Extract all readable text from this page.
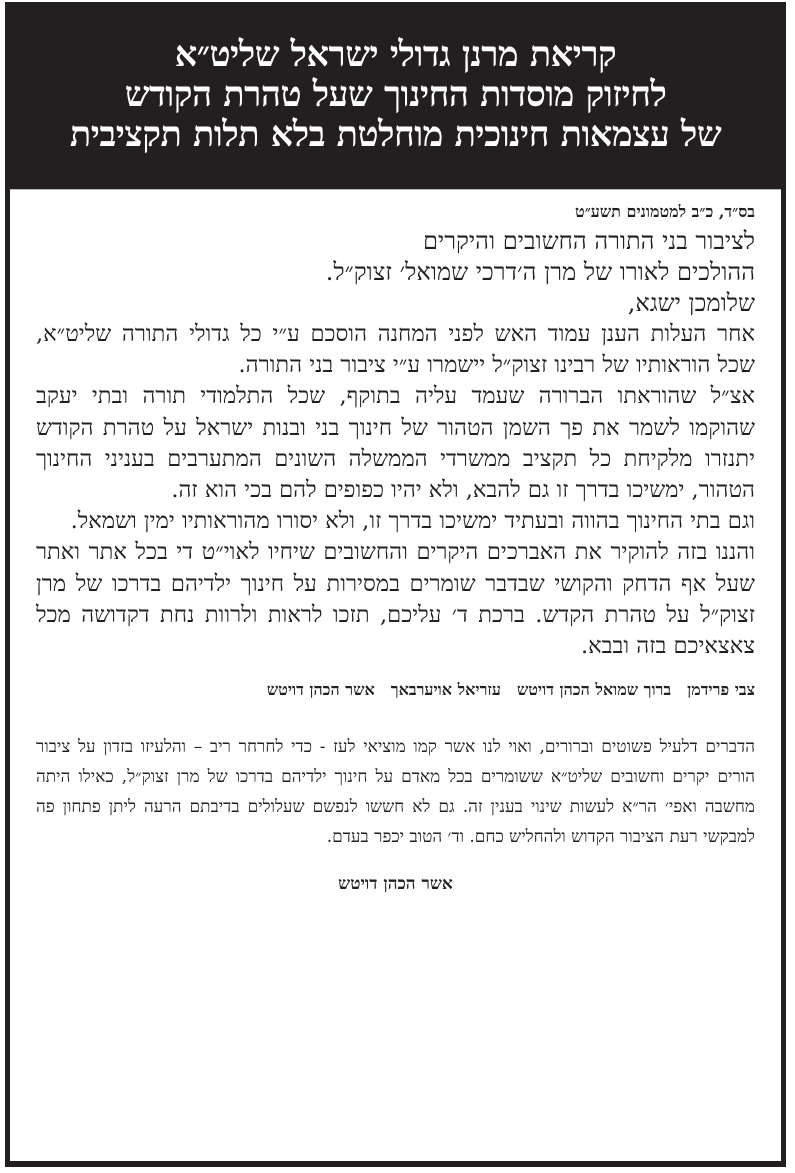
קריאת מרנן גדולי ישראל שליט״א
לחיזוק מוסדות החינוך שעל טהרת הקודש
של עצמאות חינוכית מוחלטת בלא תלות תקציבית
בס״ד, כ״ב למטמונים תשע״ט
לציבור בני התורה החשובים והיקרים
ההולכים לאורו של מרן ה׳דרכי שמואל׳ זצוק״ל.
שלומכן ישגא,
אחר העלות הענן עמוד האש לפני המחנה הוסכם ע״י כל גדולי התורה שליט״א, שכל הוראותיו של רבינו זצוק״ל יישמרו ע״י ציבור בני התורה.
אצ״ל שהוראתו הברורה שעמד עליה בתוקף, שכל התלמודי תורה ובתי יעקב שהוקמו לשמר את פך השמן הטהור של חינוך בני ובנות ישראל על טהרת הקודש יתנזרו מלקיחת כל תקציב ממשרדי הממשלה השונים המתערבים בעניני החינוך הטהור, ימשיכו בדרך זו גם להבא, ולא יהיו כפופים להם בכי הוא זה.
וגם בתי החינוך בהווה ובעתיד ימשיכו בדרך זו, ולא יסורו מהוראותיו ימין ושמאל.
והננו בזה להוקיר את האברכים היקרים והחשובים שיחיו לאוי״ט די בכל אתר ואתר שעל אף הדחק והקושי שבדבר שומרים במסירות על חינוך ילדיהם בדרכו של מרן זצוק״ל על טהרת הקדש. ברכת ד׳ עליכם, תזכו לראות ולרוות נחת דקדושה מכל צאצאיכם בזה ובבא.
צבי פרידמן
ברוך שמואל הכהן דויטש
עזריאל אויערבאך
אשר הכהן דויטש
הדברים דלעיל פשוטים וברורים, ואוי לנו אשר קמו מוציאי לעז - כדי לחרחר ריב – והלעיזו בזדון על ציבור הורים יקרים וחשובים שליט״א ששומרים בכל מאדם על חינוך ילדיהם בדרכו של מרן זצוק״ל, כאילו היתה מחשבה ואפי׳ הר״א לעשות שינוי בענין זה. גם לא חששו לנפשם שעלולים בדיבתם הרעה ליתן פתחון פה למבקשי רעת הציבור הקדוש ולהחליש כחם. וד׳ הטוב יכפר בעדם.
אשר הכהן דויטש
